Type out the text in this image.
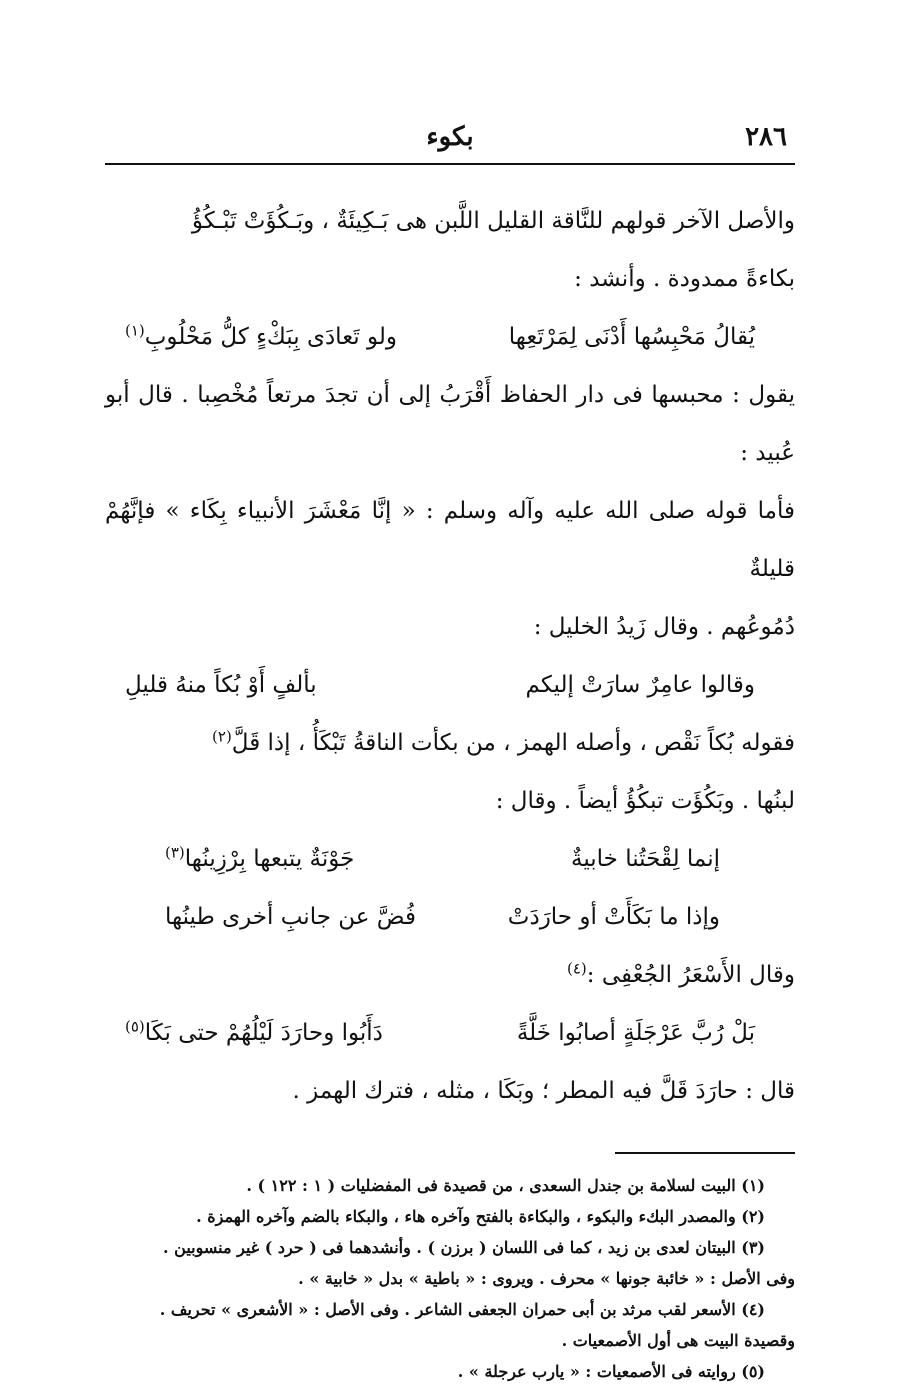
٢٨٦
بكوء

والأصل الآخر قولهم للنَّاقة القليل اللَّبن هى بَـكِيئَةٌ ، وبَـكُؤَتْ تَبْـكُؤُ

بكاءةً ممدودة . وأنشد :

يُقالُ مَحْبِسُها أَدْنَى لِمَرْتَعِها
ولو تَعادَى بِبَكْءٍ كلُّ مَحْلُوبِ$^{(١)}$

يقول : محبسها فى دار الحفاظ أَقْرَبُ إلى أن تجدَ مرتعاً مُخْصِبا . قال أبو عُبيد :

فأما قوله صلى الله عليه وآله وسلم : « إنَّا مَعْشَرَ الأنبياء بِكَاء » فإنَّهُمْ قليلةٌ

دُمُوعُهم . وقال زَيدُ الخليل :

وقالوا عامِرٌ سارَتْ إليكم
بألفٍ أَوْ بُكاً منهُ قليلِ

فقوله بُكاً نَقْص ، وأصله الهمز ، من بكأت الناقةُ تَبْكَأُ ، إذا قَلَّ$^{(٢)}$

لبنُها . وبَكُؤَت تبكُؤُ أيضاً . وقال :

إنما لِقْحَتُنا خابيةٌ
جَوْنَةٌ يتبعها بِرْزِينُها$^{(٣)}$
وإذا ما بَكَأَتْ أو حارَدَتْ
فُضَّ عن جانبِ أخرى طينُها

وقال الأَسْعَرُ الجُعْفِى :$^{(٤)}$

بَلْ رُبَّ عَرْجَلَةٍ أصابُوا خَلَّةً
دَأَبُوا وحارَدَ لَيْلُهُمْ حتى بَكَا$^{(٥)}$

قال : حارَدَ قَلَّ فيه المطر ؛ وبَكَا ، مثله ، فترك الهمز .

(١) البيت لسلامة بن جندل السعدى ، من قصيدة فى المفضليات ( ١ : ١٢٢ ) .

(٢) والمصدر البكء والبكوء ، والبكاءة بالفتح وآخره هاء ، والبكاء بالضم وآخره الهمزة .

(٣) البيتان لعدى بن زيد ، كما فى اللسان ( برزن ) . وأنشدهما فى ( حرد ) غير منسوبين .

وفى الأصل : « خائبة جونها » محرف . ويروى : « باطية » بدل « خابية » .

(٤) الأسعر لقب مرثد بن أبى حمران الجعفى الشاعر . وفى الأصل : « الأشعرى » تحريف .

وقصيدة البيت هى أول الأصمعيات .

(٥) روايته فى الأصمعيات : « يارب عرجلة » .
